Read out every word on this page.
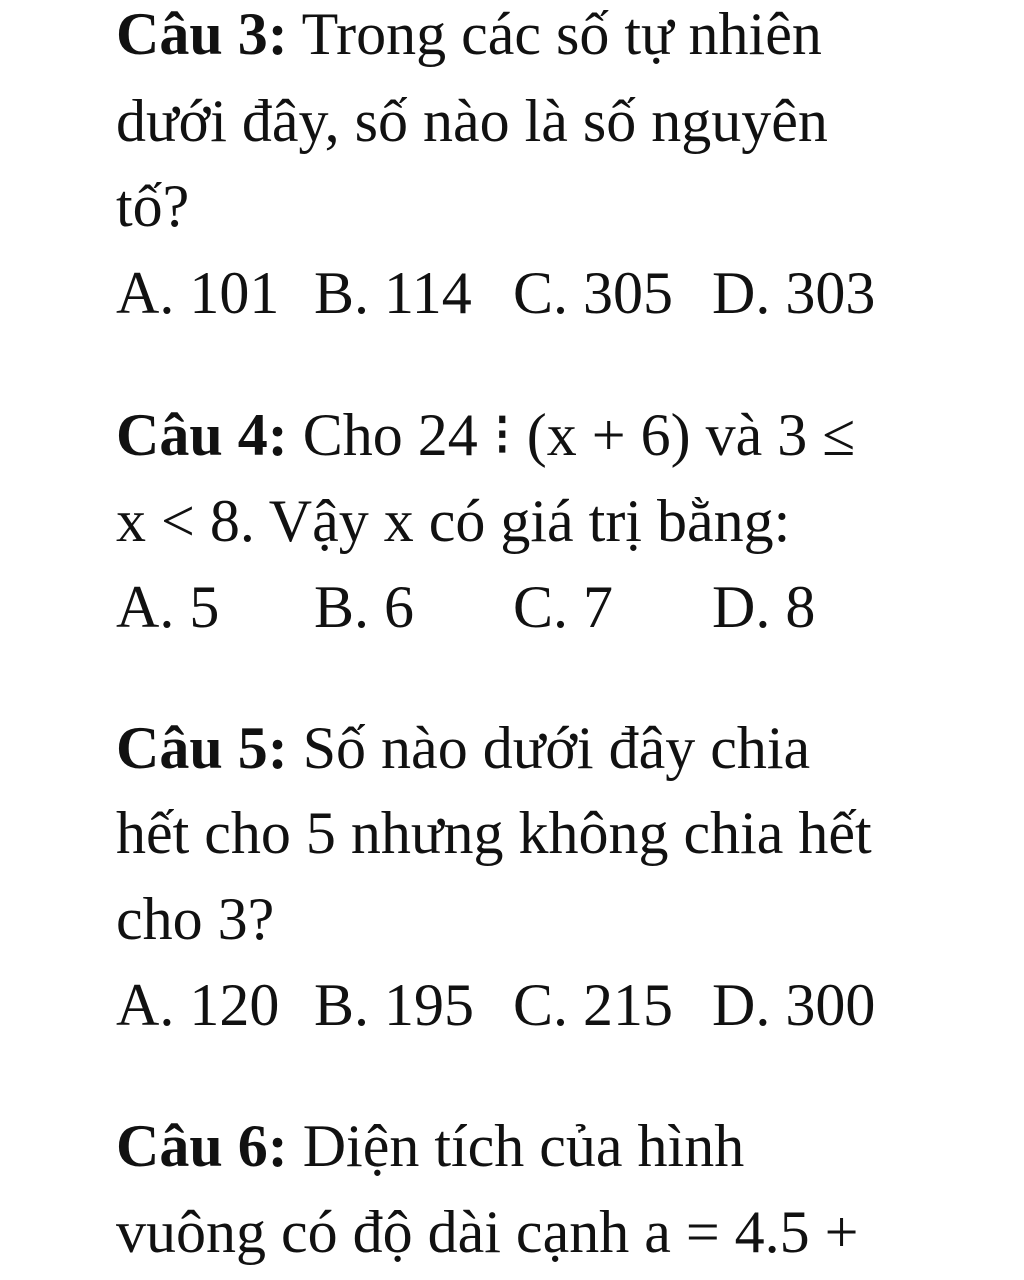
Câu 3: Trong các số tự nhiên
dưới đây, số nào là số nguyên
tố?
A. 101 B. 114 C. 305 D. 303
Câu 4: Cho 24 ⁝ (x + 6) và 3 ≤
x < 8. Vậy x có giá trị bằng:
A. 5 B. 6 C. 7 D. 8
Câu 5: Số nào dưới đây chia
hết cho 5 nhưng không chia hết
cho 3?
A. 120 B. 195 C. 215 D. 300
Câu 6: Diện tích của hình
vuông có độ dài cạnh a = 4.5 +
